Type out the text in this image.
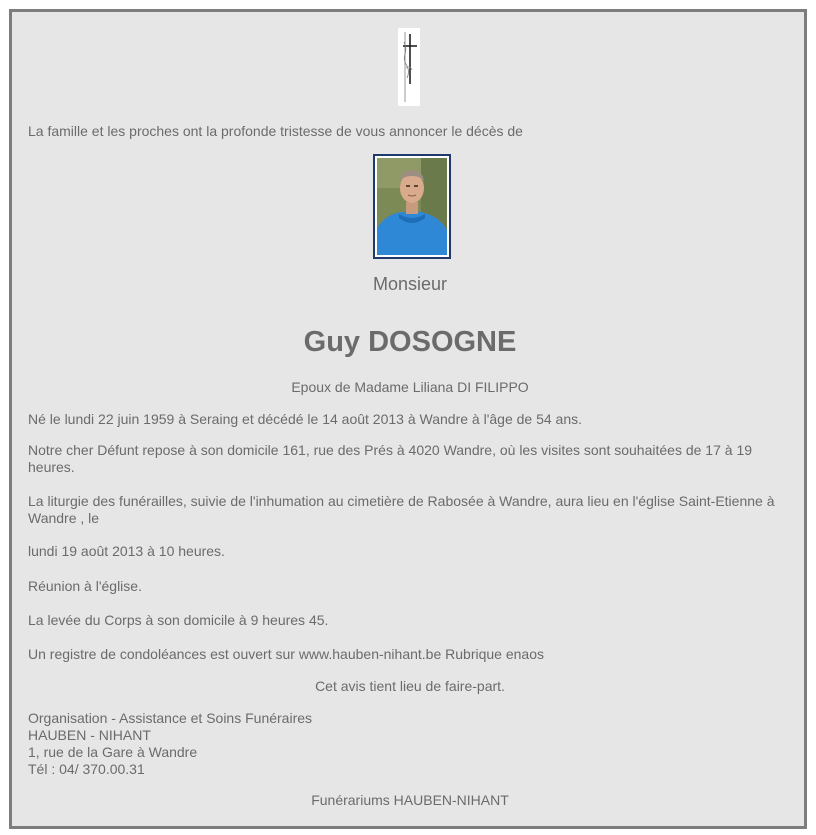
La famille et les proches ont la profonde tristesse de vous annoncer le décès de

Monsieur
Guy DOSOGNE

Epoux de Madame Liliana DI FILIPPO

Né le lundi 22 juin 1959 à Seraing et décédé le 14 août 2013 à Wandre à l'âge de 54 ans.

Notre cher Défunt repose à son domicile 161, rue des Prés à 4020 Wandre, où les visites sont souhaitées de 17 à 19 heures.

La liturgie des funérailles, suivie de l'inhumation au cimetière de Rabosée à Wandre, aura lieu en l'église Saint-Etienne à Wandre , le

lundi 19 août 2013 à 10 heures.

Réunion à l'église.

La levée du Corps à son domicile à 9 heures 45.

Un registre de condoléances est ouvert sur www.hauben-nihant.be Rubrique enaos

Cet avis tient lieu de faire-part.

Organisation - Assistance et Soins Funéraires
HAUBEN - NIHANT
1, rue de la Gare à Wandre
Tél : 04/ 370.00.31

Funérariums HAUBEN-NIHANT
